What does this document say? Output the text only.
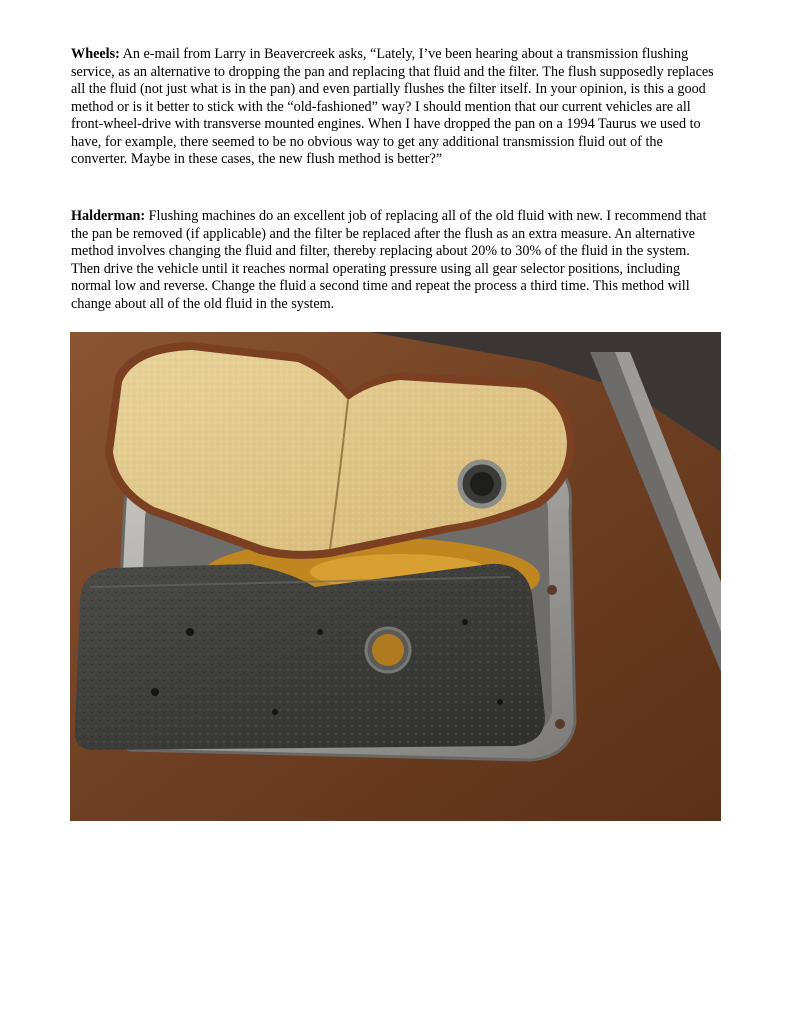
Wheels: An e-mail from Larry in Beavercreek asks, “Lately, I’ve been hearing about a transmission flushing service, as an alternative to dropping the pan and replacing that fluid and the filter. The flush supposedly replaces all the fluid (not just what is in the pan) and even partially flushes the filter itself. In your opinion, is this a good method or is it better to stick with the “old-fashioned” way? I should mention that our current vehicles are all front-wheel-drive with transverse mounted engines. When I have dropped the pan on a 1994 Taurus we used to have, for example, there seemed to be no obvious way to get any additional transmission fluid out of the converter. Maybe in these cases, the new flush method is better?”

Halderman: Flushing machines do an excellent job of replacing all of the old fluid with new. I recommend that the pan be removed (if applicable) and the filter be replaced after the flush as an extra measure. An alternative method involves changing the fluid and filter, thereby replacing about 20% to 30% of the fluid in the system. Then drive the vehicle until it reaches normal operating pressure using all gear selector positions, including normal low and reverse. Change the fluid a second time and repeat the process a third time. This method will change about all of the old fluid in the system.
